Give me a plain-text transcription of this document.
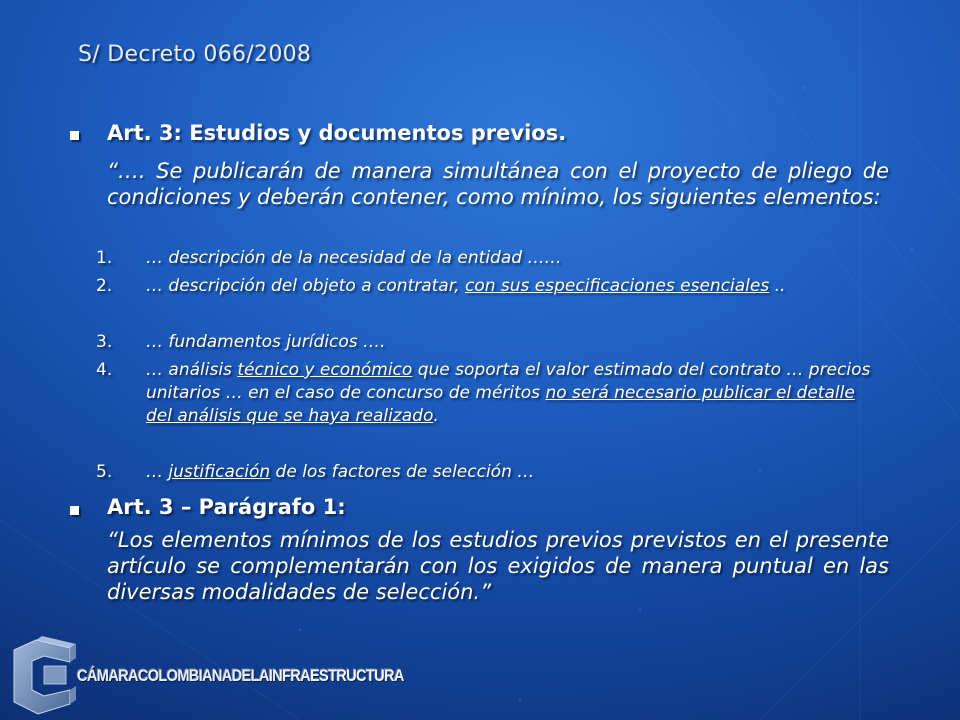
S/ Decreto 066/2008
Art. 3: Estudios y documentos previos.
“…. Se publicarán de manera simultánea con el proyecto de pliego de condiciones y deberán contener, como mínimo, los siguientes elementos:
1.	… descripción de la necesidad de la entidad ……
2.	… descripción del objeto a contratar, con sus especificaciones esenciales ..
3.	… fundamentos jurídicos ….
4.	… análisis técnico y económico que soporta el valor estimado del contrato … precios unitarios … en el caso de concurso de méritos no será necesario publicar el detalle del análisis que se haya realizado.
5.	… justificación de los factores de selección …
Art. 3 – Parágrafo 1:
“Los elementos mínimos de los estudios previos previstos en el presente artículo se complementarán con los exigidos de manera puntual en las diversas modalidades de selección.”
CÁMARACOLOMBIANADELAINFRAESTRUCTURA
